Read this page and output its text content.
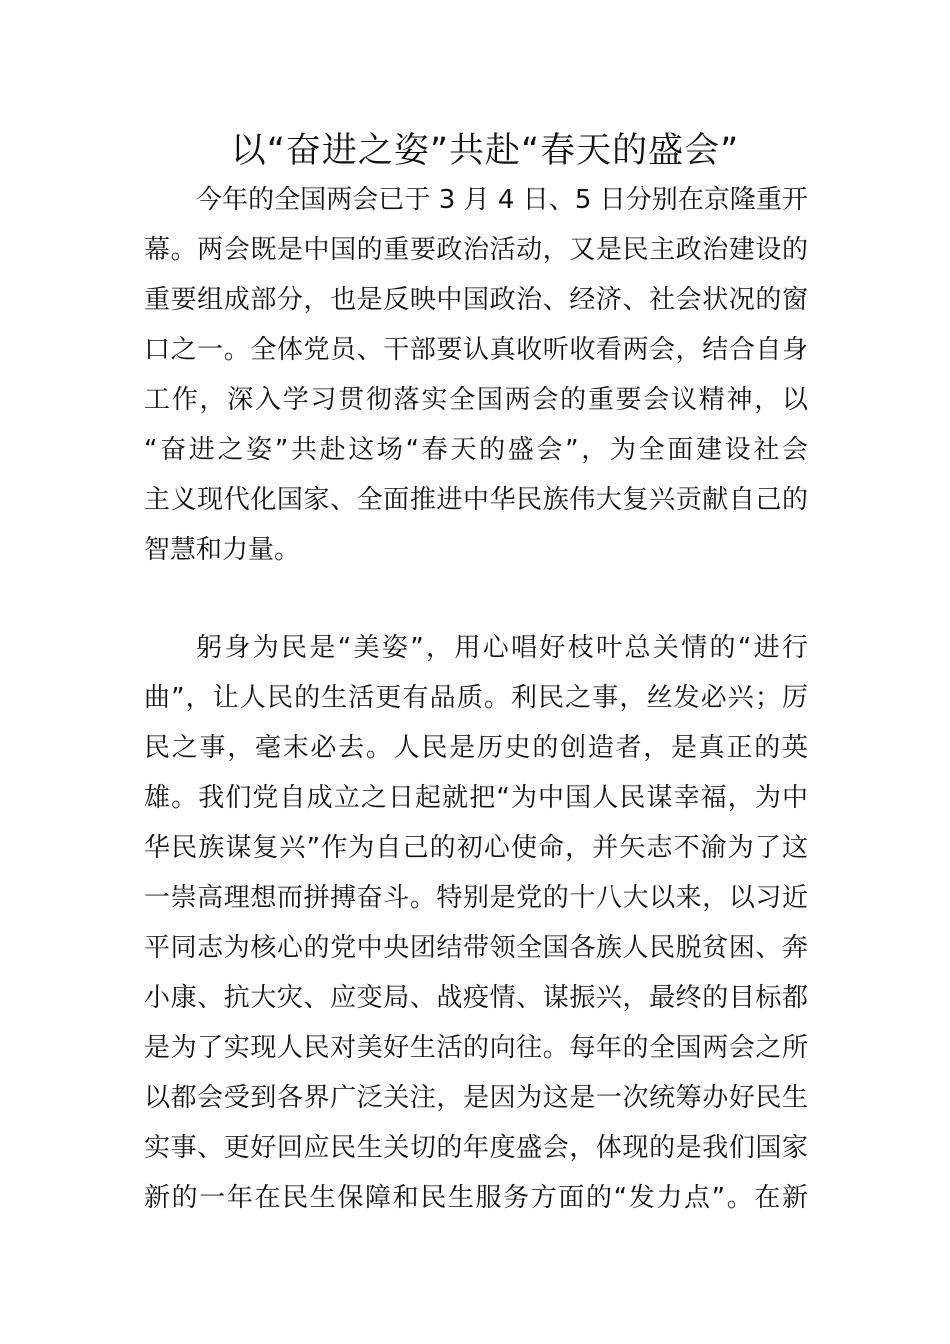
以“奋进之姿”共赴“春天的盛会”
今年的全国两会已于 3 月 4 日、5 日分别在京隆重开
幕。两会既是中国的重要政治活动，又是民主政治建设的
重要组成部分，也是反映中国政治、经济、社会状况的窗
口之一。全体党员、干部要认真收听收看两会，结合自身
工作，深入学习贯彻落实全国两会的重要会议精神，以
“奋进之姿”共赴这场“春天的盛会”，为全面建设社会
主义现代化国家、全面推进中华民族伟大复兴贡献自己的
智慧和力量。
躬身为民是“美姿”，用心唱好枝叶总关情的“进行
曲”，让人民的生活更有品质。利民之事，丝发必兴；厉
民之事，毫末必去。人民是历史的创造者，是真正的英
雄。我们党自成立之日起就把“为中国人民谋幸福，为中
华民族谋复兴”作为自己的初心使命，并矢志不渝为了这
一崇高理想而拼搏奋斗。特别是党的十八大以来，以习近
平同志为核心的党中央团结带领全国各族人民脱贫困、奔
小康、抗大灾、应变局、战疫情、谋振兴，最终的目标都
是为了实现人民对美好生活的向往。每年的全国两会之所
以都会受到各界广泛关注，是因为这是一次统筹办好民生
实事、更好回应民生关切的年度盛会，体现的是我们国家
新的一年在民生保障和民生服务方面的“发力点”。在新
